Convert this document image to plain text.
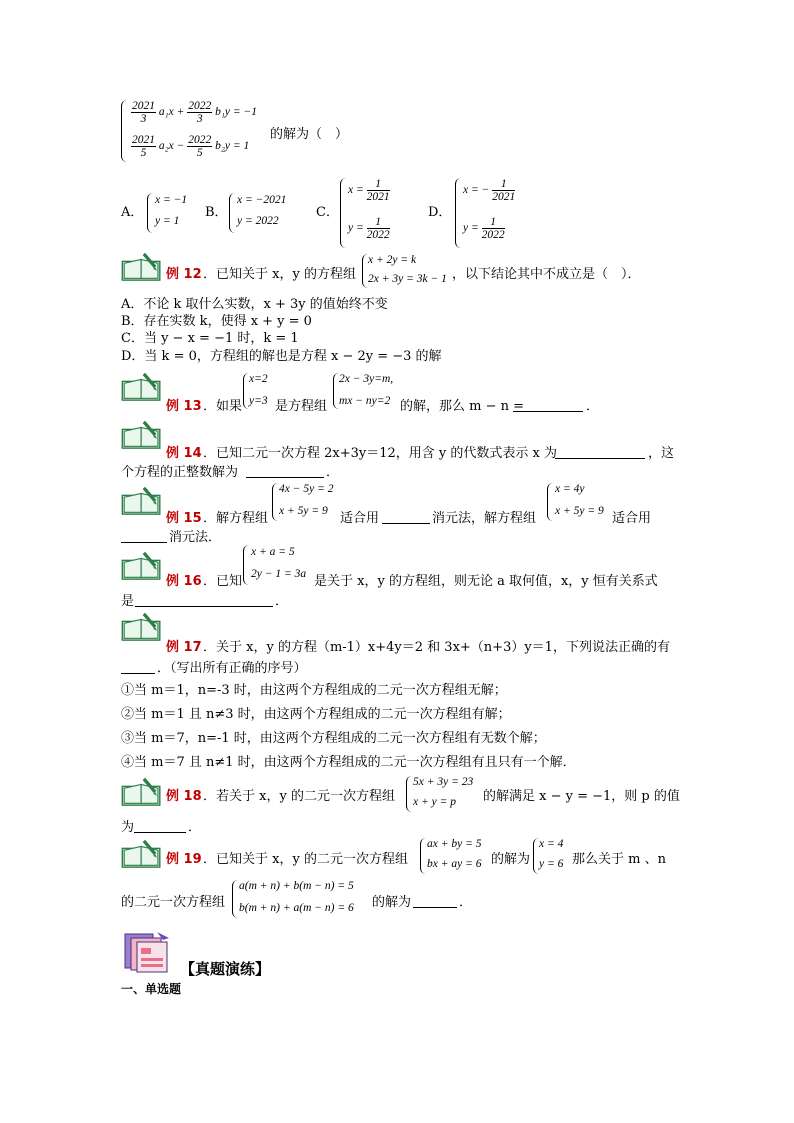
$\frac{2021}{3} a_1x + \frac{2022}{3} b_1y = -1$
$\frac{2021}{5} a_2x - \frac{2022}{5} b_2y = 1$
的解为（　）
A．
x = −1
y = 1
B．
x = −2021
y = 2022
C．
$x = \frac{1}{2021}$
$y = \frac{1}{2022}$
D．
x = − $\frac{1}{2021}$
$y = \frac{1}{2022}$
例 12 ．已知关于 x，y 的方程组
x + 2y = k
2x + 3y = 3k − 1 ，以下结论其中不成立是（　）．
A．不论 k 取什么实数，x + 3y 的值始终不变
B．存在实数 k，使得 x + y = 0
C．当 y − x = −1 时，k = 1
D．当 k = 0，方程组的解也是方程 x − 2y = −3 的解
例 13 ．如果
x=2
y=3 是方程组
2x − 3y=m,
mx − ny=2 的解，那么 m − n =	．
例 14 ．已知二元一次方程 2x+3y＝12，用含 y 的代数式表示 x 为	，这
个方程的正整数解为	．
例 15 ．解方程组
4x − 5y = 2
x + 5y = 9 适合用	消元法，解方程组
x = 4y
x + 5y = 9 适合用
消元法．
例 16 ．已知
x + a = 5
2y − 1 = 3a 是关于 x，y 的方程组，则无论 a 取何值，x，y 恒有关系式
是	．
例 17 ．关于 x，y 的方程（m-1）x+4y＝2 和 3x+（n+3）y＝1，下列说法正确的有
．（写出所有正确的序号）
①当 m＝1，n=-3 时，由这两个方程组成的二元一次方程组无解；
②当 m＝1 且 n≠3 时，由这两个方程组成的二元一次方程组有解；
③当 m＝7，n=-1 时，由这两个方程组成的二元一次方程组有无数个解；
④当 m＝7 且 n≠1 时，由这两个方程组成的二元一次方程组有且只有一个解．
例 18 ．若关于 x，y 的二元一次方程组
5x + 3y = 23
x + y = p 的解满足 x − y = −1，则 p 的值
为	．
例 19 ．已知关于 x，y 的二元一次方程组
ax + by = 5
bx + ay = 6 的解为
x = 4
y = 6 那么关于 m 、n
的二元一次方程组
a(m + n) + b(m − n) = 5
b(m + n) + a(m − n) = 6 的解为	．
【真题演练】
一、单选题
